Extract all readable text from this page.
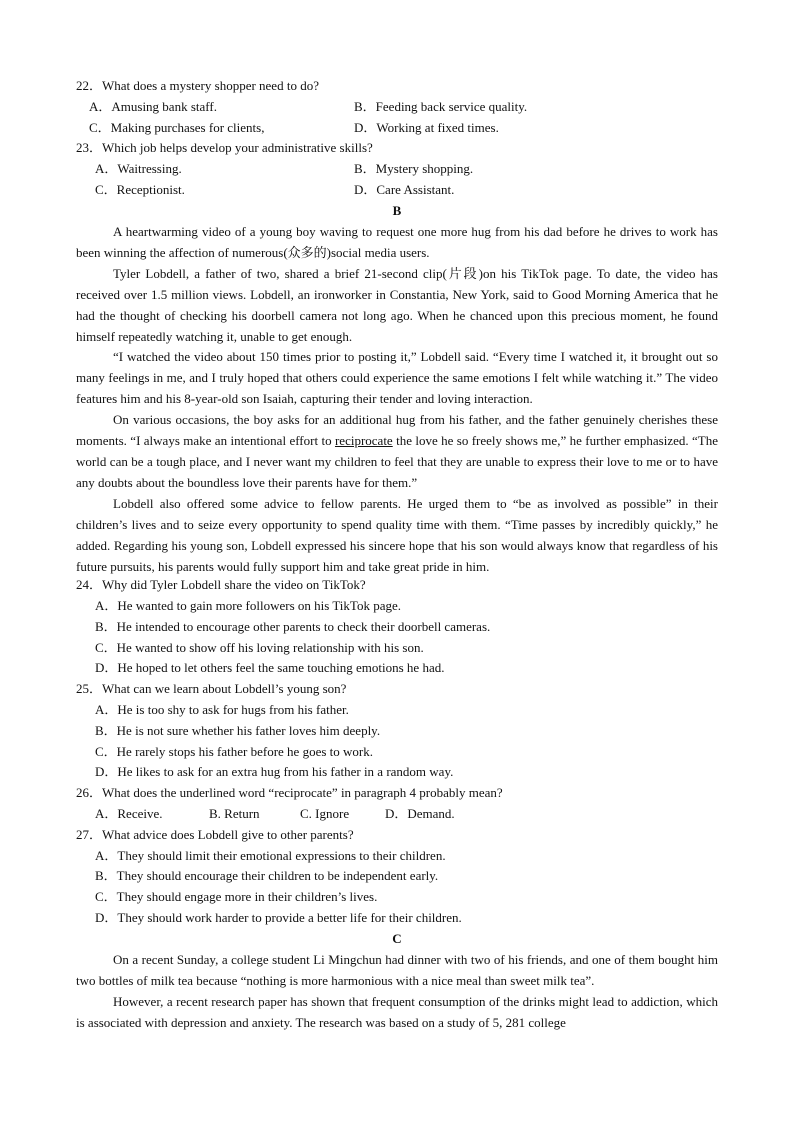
22．What does a mystery shopper need to do?
A．Amusing bank staff.	B．Feeding back service quality.
C．Making purchases for clients,	D．Working at fixed times.
23．Which job helps develop your administrative skills?
A．Waitressing.	B．Mystery shopping.
C．Receptionist.	D．Care Assistant.
B

A heartwarming video of a young boy waving to request one more hug from his dad before he drives to work has been winning the affection of numerous(众多的)social media users.

Tyler Lobdell, a father of two, shared a brief 21-second clip(片段)on his TikTok page. To date, the video has received over 1.5 million views. Lobdell, an ironworker in Constantia, New York, said to Good Morning America that he had the thought of checking his doorbell camera not long ago. When he chanced upon this precious moment, he found himself repeatedly watching it, unable to get enough.

“I watched the video about 150 times prior to posting it,” Lobdell said. “Every time I watched it, it brought out so many feelings in me, and I truly hoped that others could experience the same emotions I felt while watching it.” The video features him and his 8-year-old son Isaiah, capturing their tender and loving interaction.

On various occasions, the boy asks for an additional hug from his father, and the father genuinely cherishes these moments. “I always make an intentional effort to reciprocate the love he so freely shows me,” he further emphasized. “The world can be a tough place, and I never want my children to feel that they are unable to express their love to me or to have any doubts about the boundless love their parents have for them.”

Lobdell also offered some advice to fellow parents. He urged them to “be as involved as possible” in their children’s lives and to seize every opportunity to spend quality time with them. “Time passes by incredibly quickly,” he added. Regarding his young son, Lobdell expressed his sincere hope that his son would always know that regardless of his future pursuits, his parents would fully support him and take great pride in him.

24．Why did Tyler Lobdell share the video on TikTok?
A．He wanted to gain more followers on his TikTok page.
B．He intended to encourage other parents to check their doorbell cameras.
C．He wanted to show off his loving relationship with his son.
D．He hoped to let others feel the same touching emotions he had.
25．What can we learn about Lobdell’s young son?
A．He is too shy to ask for hugs from his father.
B．He is not sure whether his father loves him deeply.
C．He rarely stops his father before he goes to work.
D．He likes to ask for an extra hug from his father in a random way.
26．What does the underlined word “reciprocate” in paragraph 4 probably mean?
A．Receive.	B. Return	C. Ignore	D．Demand.
27．What advice does Lobdell give to other parents?
A．They should limit their emotional expressions to their children.
B．They should encourage their children to be independent early.
C．They should engage more in their children’s lives.
D．They should work harder to provide a better life for their children.
C

On a recent Sunday, a college student Li Mingchun had dinner with two of his friends, and one of them bought him two bottles of milk tea because “nothing is more harmonious with a nice meal than sweet milk tea”.

However, a recent research paper has shown that frequent consumption of the drinks might lead to addiction, which is associated with depression and anxiety. The research was based on a study of 5, 281 college
